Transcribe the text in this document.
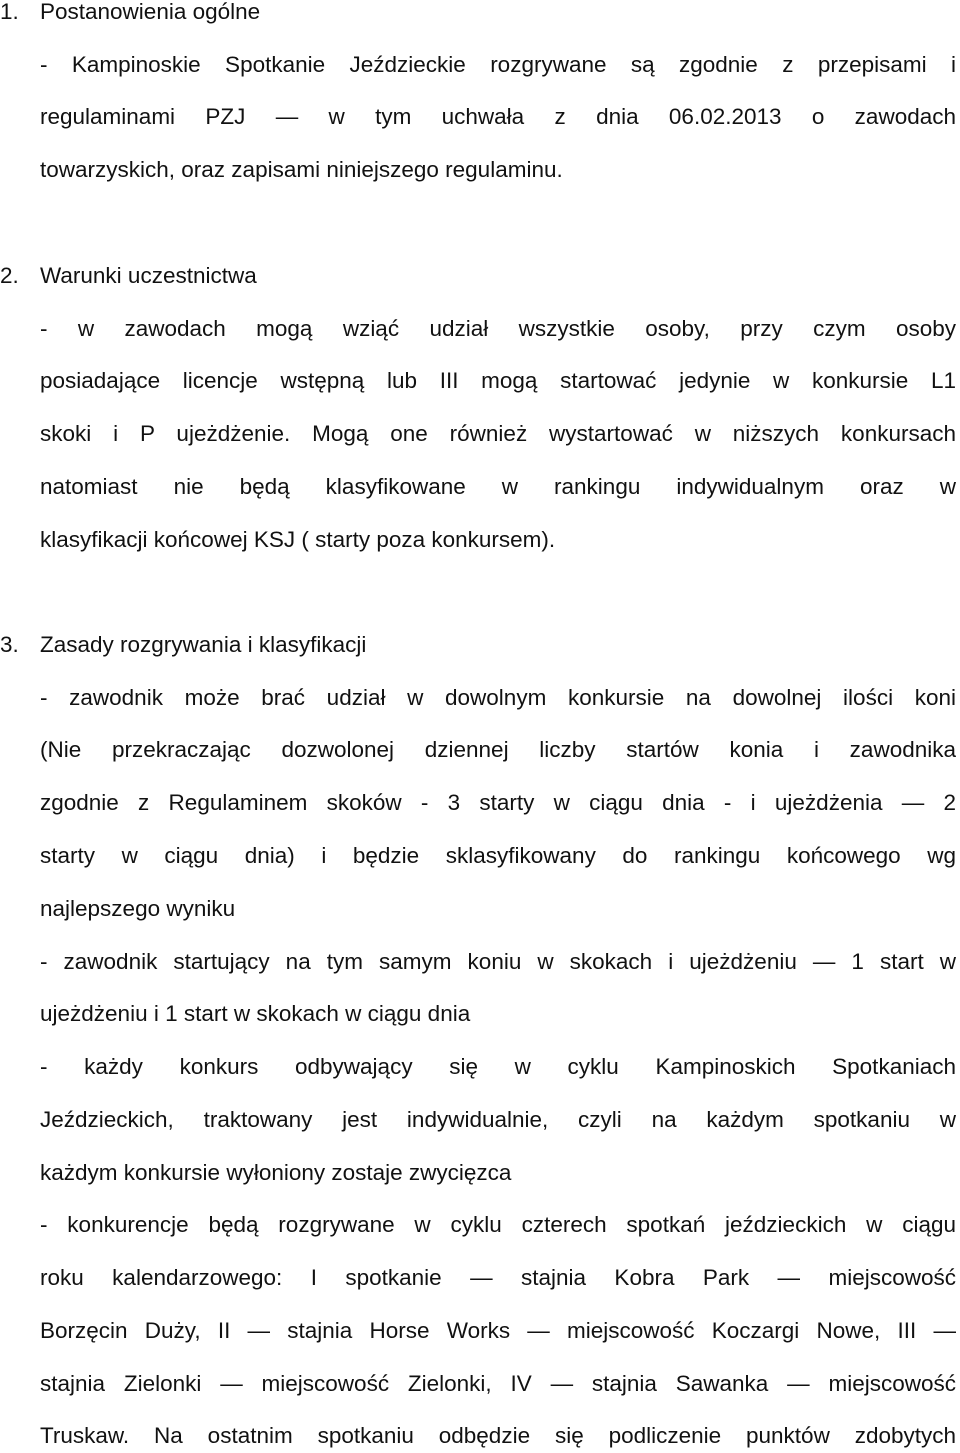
1. Postanowienia ogólne
- Kampinoskie Spotkanie Jeździeckie rozgrywane są zgodnie z przepisami i
regulaminami PZJ — w tym uchwała z dnia 06.02.2013 o zawodach
towarzyskich, oraz zapisami niniejszego regulaminu.
2. Warunki uczestnictwa
- w zawodach mogą wziąć udział wszystkie osoby, przy czym osoby
posiadające licencje wstępną lub III mogą startować jedynie w konkursie L1
skoki i P ujeżdżenie. Mogą one również wystartować w niższych konkursach
natomiast nie będą klasyfikowane w rankingu indywidualnym oraz w
klasyfikacji końcowej KSJ ( starty poza konkursem).
3. Zasady rozgrywania i klasyfikacji
- zawodnik może brać udział w dowolnym konkursie na dowolnej ilości koni
(Nie przekraczając dozwolonej dziennej liczby startów konia i zawodnika
zgodnie z Regulaminem skoków - 3 starty w ciągu dnia - i ujeżdżenia — 2
starty w ciągu dnia) i będzie sklasyfikowany do rankingu końcowego wg
najlepszego wyniku
- zawodnik startujący na tym samym koniu w skokach i ujeżdżeniu — 1 start w
ujeżdżeniu i 1 start w skokach w ciągu dnia
- każdy konkurs odbywający się w cyklu Kampinoskich Spotkaniach
Jeździeckich, traktowany jest indywidualnie, czyli na każdym spotkaniu w
każdym konkursie wyłoniony zostaje zwycięzca
- konkurencje będą rozgrywane w cyklu czterech spotkań jeździeckich w ciągu
roku kalendarzowego: I spotkanie — stajnia Kobra Park — miejscowość
Borzęcin Duży, II — stajnia Horse Works — miejscowość Koczargi Nowe, III —
stajnia Zielonki — miejscowość Zielonki, IV — stajnia Sawanka — miejscowość
Truskaw. Na ostatnim spotkaniu odbędzie się podliczenie punktów zdobytych
